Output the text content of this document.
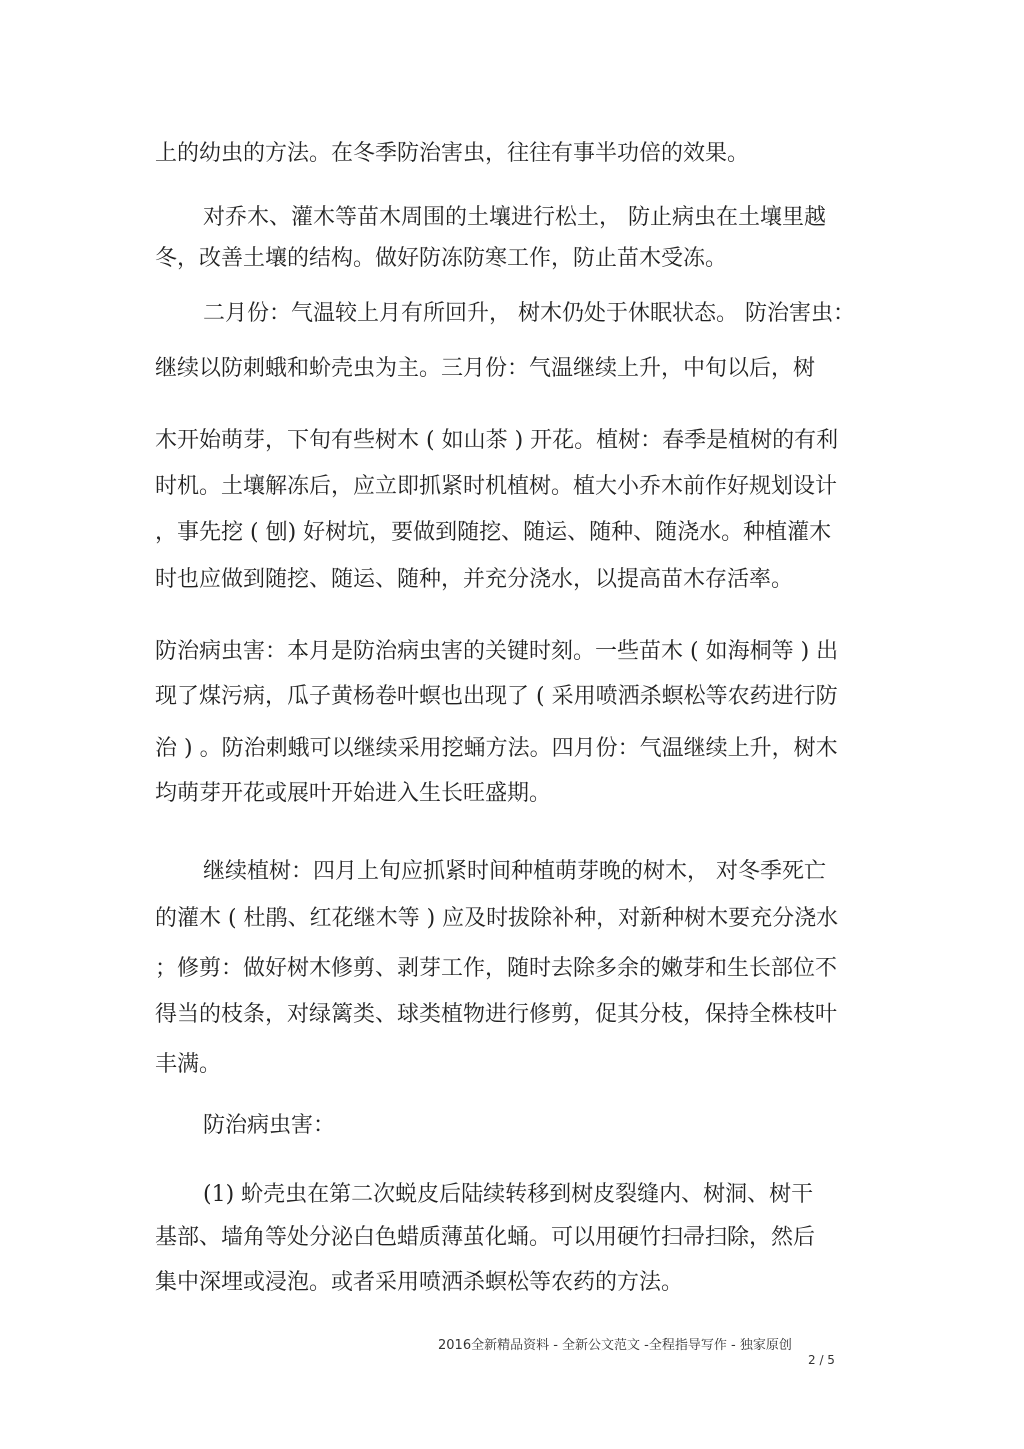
上的幼虫的方法。在冬季防治害虫，往往有事半功倍的效果。
对乔木、灌木等苗木周围的土壤进行松土， 防止病虫在土壤里越
冬，改善土壤的结构。做好防冻防寒工作，防止苗木受冻。
二月份：气温较上月有所回升， 树木仍处于休眠状态。 防治害虫：
继续以防刺蛾和蚧壳虫为主。三月份：气温继续上升，中旬以后，树
木开始萌芽，下旬有些树木 ( 如山茶 ) 开花。植树：春季是植树的有利
时机。土壤解冻后，应立即抓紧时机植树。植大小乔木前作好规划设计
，事先挖 ( 刨) 好树坑，要做到随挖、随运、随种、随浇水。种植灌木
时也应做到随挖、随运、随种，并充分浇水，以提高苗木存活率。
防治病虫害：本月是防治病虫害的关键时刻。一些苗木 ( 如海桐等 ) 出
现了煤污病，瓜子黄杨卷叶螟也出现了 ( 采用喷洒杀螟松等农药进行防
治 ) 。防治刺蛾可以继续采用挖蛹方法。四月份：气温继续上升，树木
均萌芽开花或展叶开始进入生长旺盛期。
继续植树：四月上旬应抓紧时间种植萌芽晚的树木， 对冬季死亡
的灌木 ( 杜鹃、红花继木等 ) 应及时拔除补种，对新种树木要充分浇水
；修剪：做好树木修剪、剥芽工作，随时去除多余的嫩芽和生长部位不
得当的枝条，对绿篱类、球类植物进行修剪，促其分枝，保持全株枝叶
丰满。
防治病虫害：
(1) 蚧壳虫在第二次蜕皮后陆续转移到树皮裂缝内、树洞、树干
基部、墙角等处分泌白色蜡质薄茧化蛹。可以用硬竹扫帚扫除，然后
集中深埋或浸泡。或者采用喷洒杀螟松等农药的方法。
2016全新精品资料 - 全新公文范文 -全程指导写作 - 独家原创
2 / 5
